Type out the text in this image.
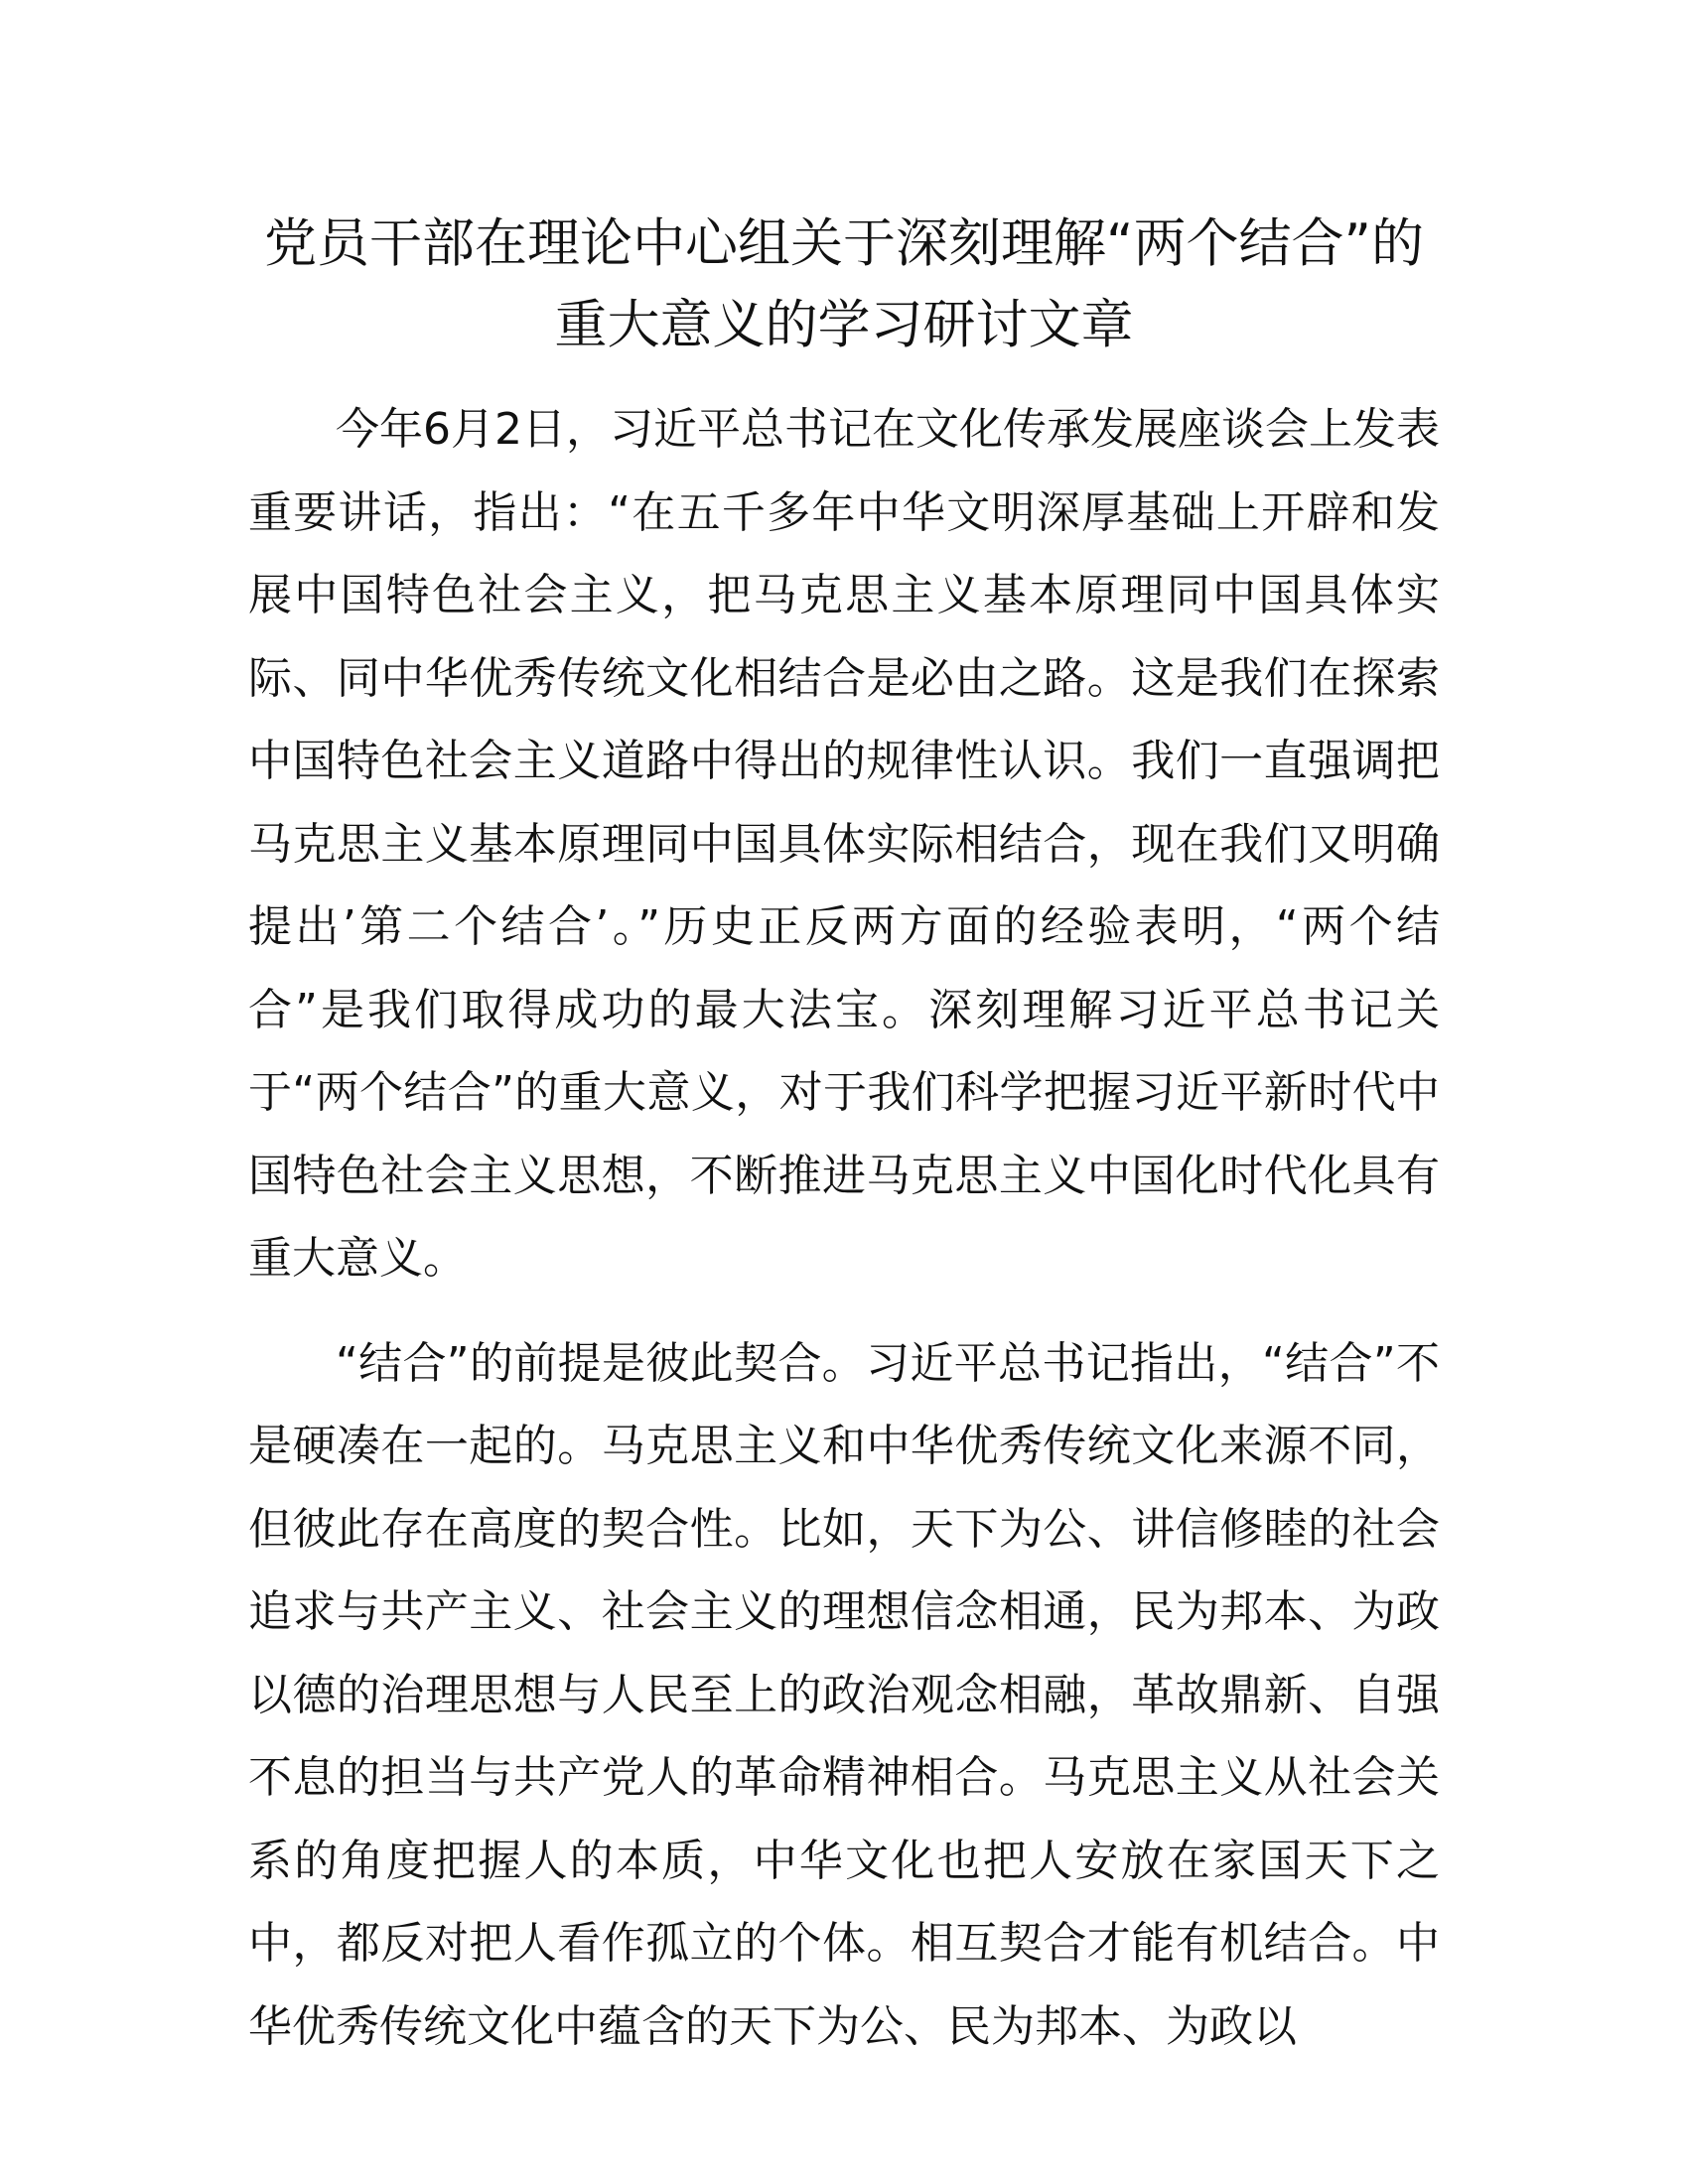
党员干部在理论中心组关于深刻理解“两个结合”的重大意义的学习研讨文章

今年6月2日，习近平总书记在文化传承发展座谈会上发表重要讲话，指出：“在五千多年中华文明深厚基础上开辟和发展中国特色社会主义，把马克思主义基本原理同中国具体实际、同中华优秀传统文化相结合是必由之路。这是我们在探索中国特色社会主义道路中得出的规律性认识。我们一直强调把马克思主义基本原理同中国具体实际相结合，现在我们又明确提出’第二个结合’。”历史正反两方面的经验表明，“两个结合”是我们取得成功的最大法宝。深刻理解习近平总书记关于“两个结合”的重大意义，对于我们科学把握习近平新时代中国特色社会主义思想，不断推进马克思主义中国化时代化具有重大意义。

“结合”的前提是彼此契合。习近平总书记指出，“结合”不是硬凑在一起的。马克思主义和中华优秀传统文化来源不同，但彼此存在高度的契合性。比如，天下为公、讲信修睦的社会追求与共产主义、社会主义的理想信念相通，民为邦本、为政以德的治理思想与人民至上的政治观念相融，革故鼎新、自强不息的担当与共产党人的革命精神相合。马克思主义从社会关系的角度把握人的本质，中华文化也把人安放在家国天下之中，都反对把人看作孤立的个体。相互契合才能有机结合。中华优秀传统文化中蕴含的天下为公、民为邦本、为政以
